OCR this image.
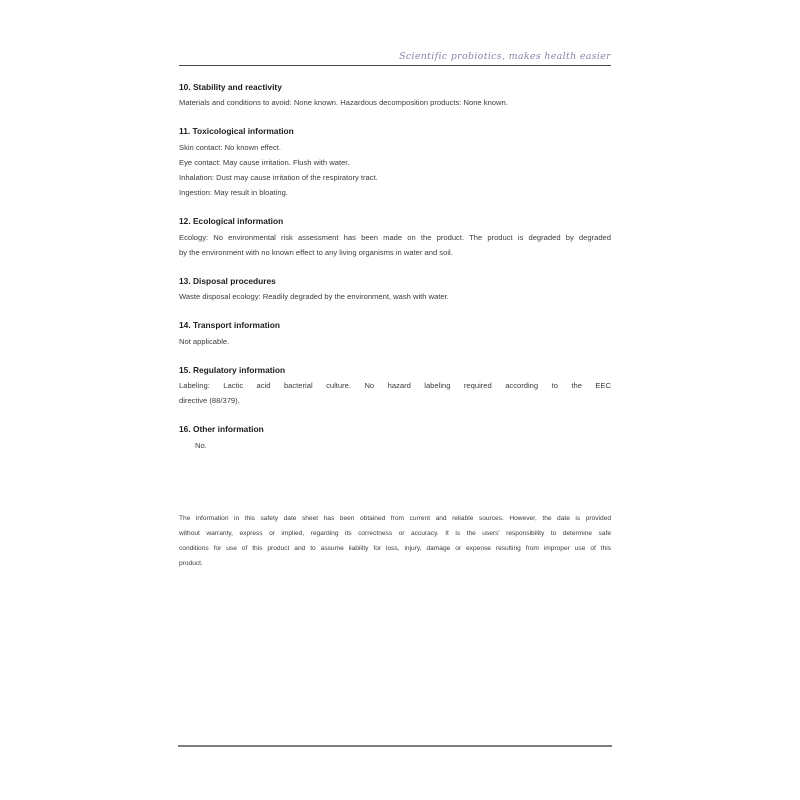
Scientific probiotics, makes health easier
10. Stability and reactivity
Materials and conditions to avoid: None known. Hazardous decomposition products: None known.
11. Toxicological information
Skin contact: No known effect.
Eye contact: May cause irritation. Flush with water.
Inhalation: Dust may cause irritation of the respiratory tract.
Ingestion: May result in bloating.
12. Ecological information
Ecology: No environmental risk assessment has been made on the product. The product is degraded by degraded
by the environment with no known effect to any living organisms in water and soil.
13. Disposal procedures
Waste disposal ecology: Readily degraded by the environment, wash with water.
14. Transport information
Not applicable.
15. Regulatory information
Labeling: Lactic acid bacterial culture. No hazard labeling required according to the EEC
directive (88/379).
16. Other information
No.
The information in this safety date sheet has been obtained from current and reliable sources. However, the date is provided
without warranty, express or implied, regarding its correctness or accuracy. It is the users' responsibility to determine safe
conditions for use of this product and to assume liability for loss, injury, damage or expense resulting from improper use of this
product.
